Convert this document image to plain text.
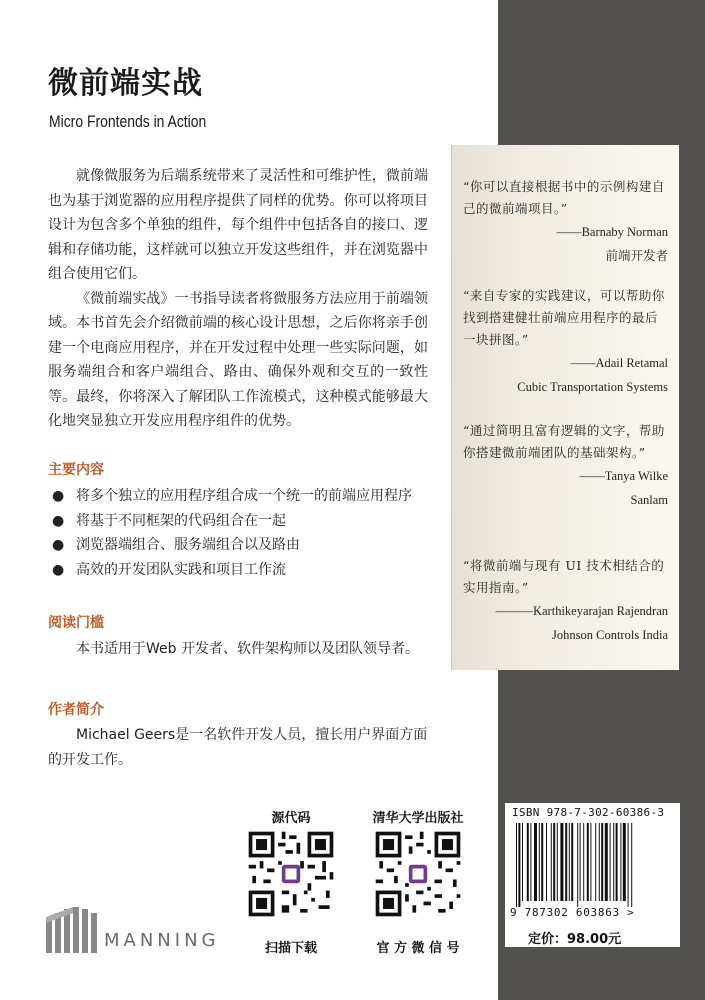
微前端实战
Micro Frontends in Action

就像微服务为后端系统带来了灵活性和可维护性，微前端也为基于浏览器的应用程序提供了同样的优势。你可以将项目设计为包含多个单独的组件，每个组件中包括各自的接口、逻辑和存储功能，这样就可以独立开发这些组件，并在浏览器中组合使用它们。

《微前端实战》一书指导读者将微服务方法应用于前端领域。本书首先会介绍微前端的核心设计思想，之后你将亲手创建一个电商应用程序，并在开发过程中处理一些实际问题，如服务端组合和客户端组合、路由、确保外观和交互的一致性等。最终，你将深入了解团队工作流模式，这种模式能够最大化地突显独立开发应用程序组件的优势。

主要内容
● 将多个独立的应用程序组合成一个统一的前端应用程序
● 将基于不同框架的代码组合在一起
● 浏览器端组合、服务端组合以及路由
● 高效的开发团队实践和项目工作流
阅读门槛

本书适用于Web 开发者、软件架构师以及团队领导者。

作者简介

Michael Geers是一名软件开发人员，擅长用户界面方面的开发工作。

“你可以直接根据书中的示例构建自己的微前端项目。”
——Barnaby Norman
前端开发者
“来自专家的实践建议，可以帮助你找到搭建健壮前端应用程序的最后一块拼图。”
——Adail Retamal
Cubic Transportation Systems
“通过简明且富有逻辑的文字，帮助你搭建微前端团队的基础架构。”
——Tanya Wilke
Sanlam
“将微前端与现有 UI 技术相结合的实用指南。”
———Karthikeyarajan Rajendran
Johnson Controls India
源代码
扫描下载
清华大学出版社
官 方 微 信 号
MANNING
ISBN 978-7-302-60386-3
9 787302 603863 >
定价：98.00元
